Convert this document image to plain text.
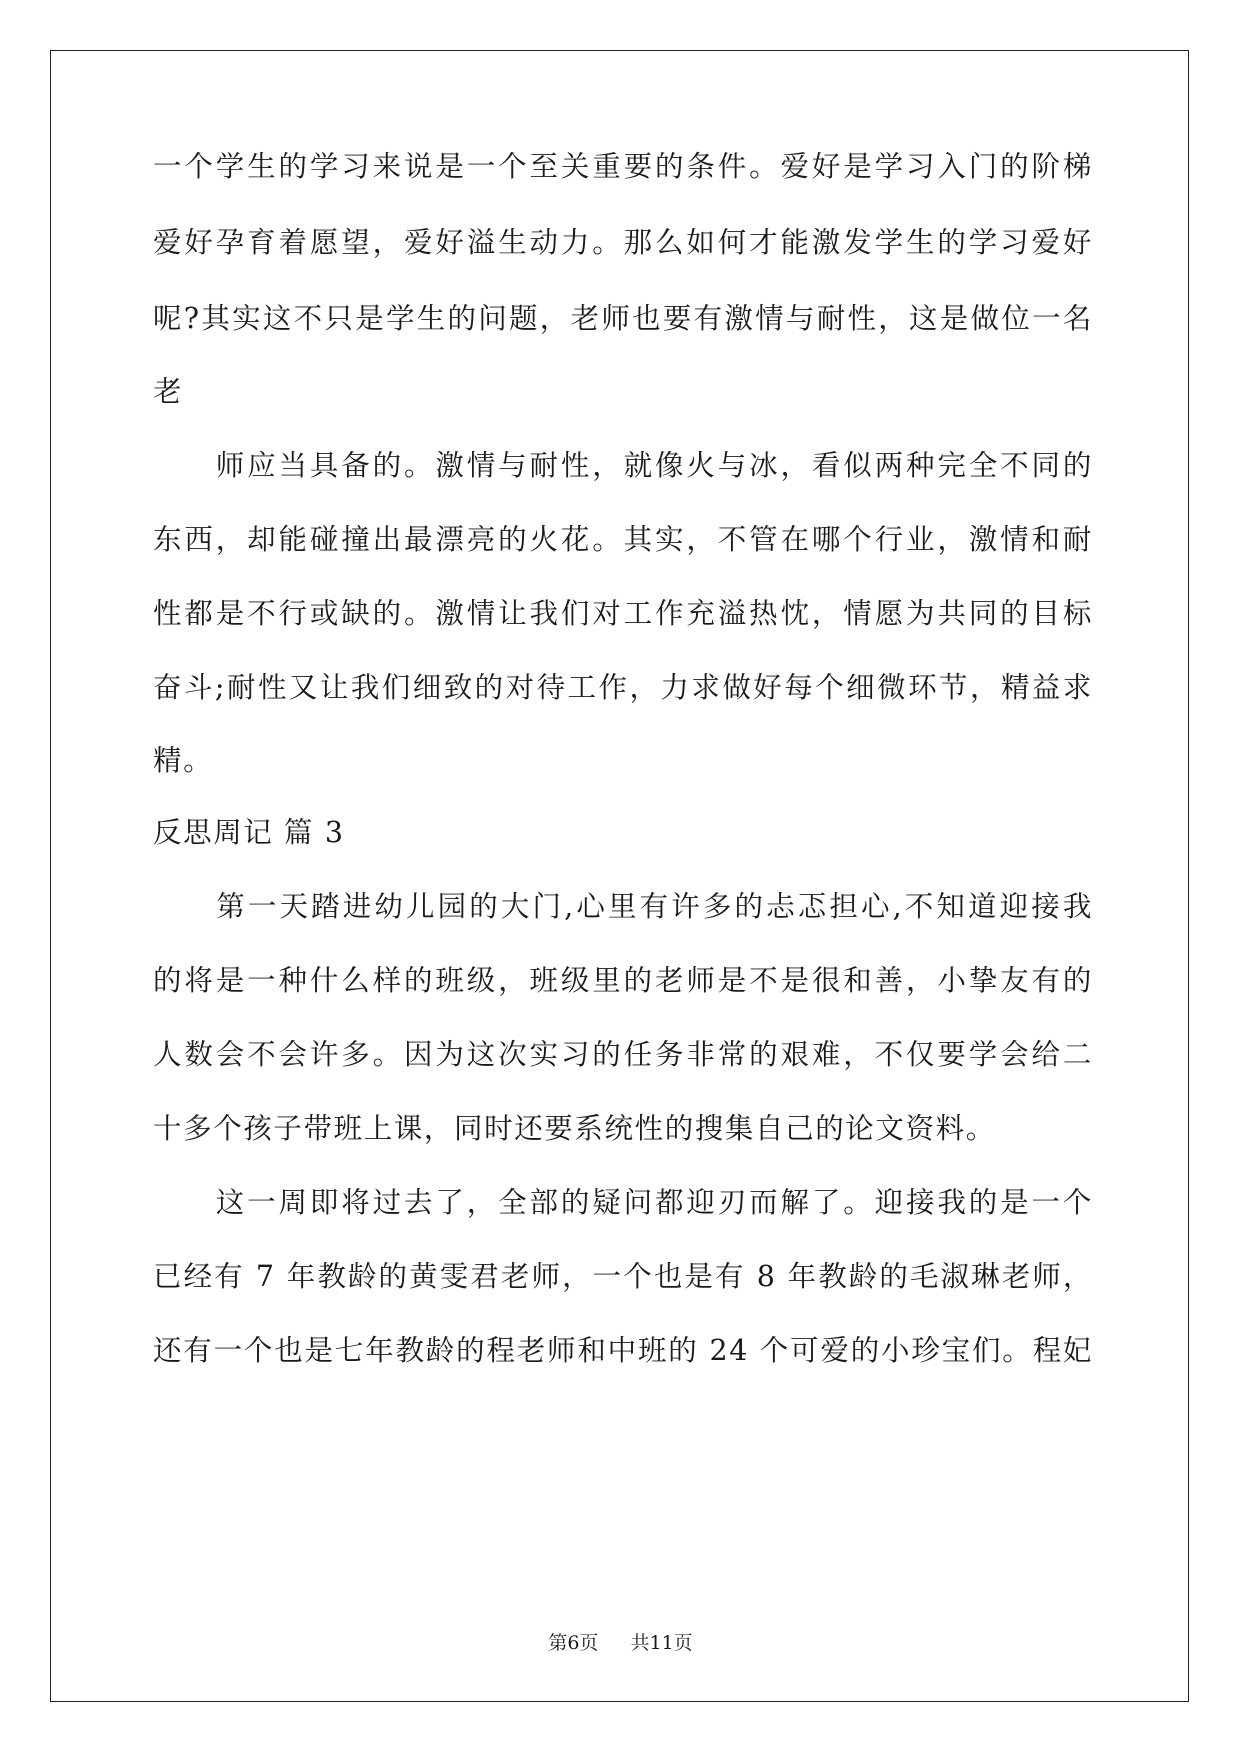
一个学生的学习来说是一个至关重要的条件。爱好是学习入门的阶梯
爱好孕育着愿望，爱好溢生动力。那么如何才能激发学生的学习爱好
呢?其实这不只是学生的问题，老师也要有激情与耐性，这是做位一名
老
　　师应当具备的。激情与耐性，就像火与冰，看似两种完全不同的
东西，却能碰撞出最漂亮的火花。其实，不管在哪个行业，激情和耐
性都是不行或缺的。激情让我们对工作充溢热忱，情愿为共同的目标
奋斗;耐性又让我们细致的对待工作，力求做好每个细微环节，精益求
精。
反思周记 篇 3
　　第一天踏进幼儿园的大门,心里有许多的忐忑担心,不知道迎接我
的将是一种什么样的班级，班级里的老师是不是很和善，小挚友有的
人数会不会许多。因为这次实习的任务非常的艰难，不仅要学会给二
十多个孩子带班上课，同时还要系统性的搜集自己的论文资料。
　　这一周即将过去了，全部的疑问都迎刃而解了。迎接我的是一个
已经有 7 年教龄的黄雯君老师，一个也是有 8 年教龄的毛淑琳老师，
还有一个也是七年教龄的程老师和中班的 24 个可爱的小珍宝们。程妃
第6页 共11页
